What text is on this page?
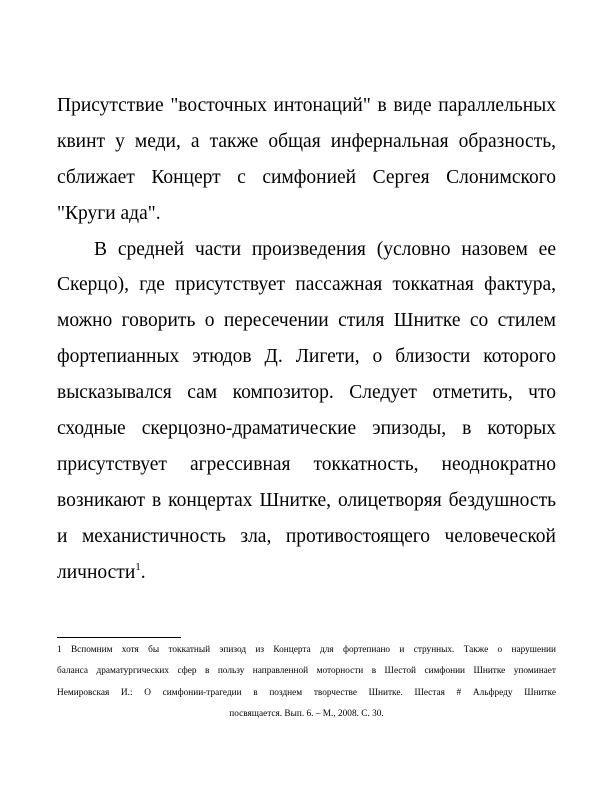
Присутствие "восточных интонаций" в виде параллельных
квинт у меди, а также общая инфернальная образность,
сближает Концерт с симфонией Сергея Слонимского
"Круги ада".
В средней части произведения (условно назовем ее
Скерцо), где присутствует пассажная токкатная фактура,
можно говорить о пересечении стиля Шнитке со стилем
фортепианных этюдов Д. Лигети, о близости которого
высказывался сам композитор. Следует отметить, что
сходные скерцозно-драматические эпизоды, в которых
присутствует агрессивная токкатность, неоднократно
возникают в концертах Шнитке, олицетворяя бездушность
и механистичность зла, противостоящего человеческой
личности$^1$.
1 Вспомним хотя бы токкатный эпизод из Концерта для фортепиано и струнных. Также о нарушении
баланса драматургических сфер в пользу направленной моторности в Шестой симфонии Шнитке упоминает
Немировская И.: О симфонии-трагедии в позднем творчестве Шнитке. Шестая # Альфреду Шнитке
посвящается. Вып. 6. – М., 2008. С. 30.
